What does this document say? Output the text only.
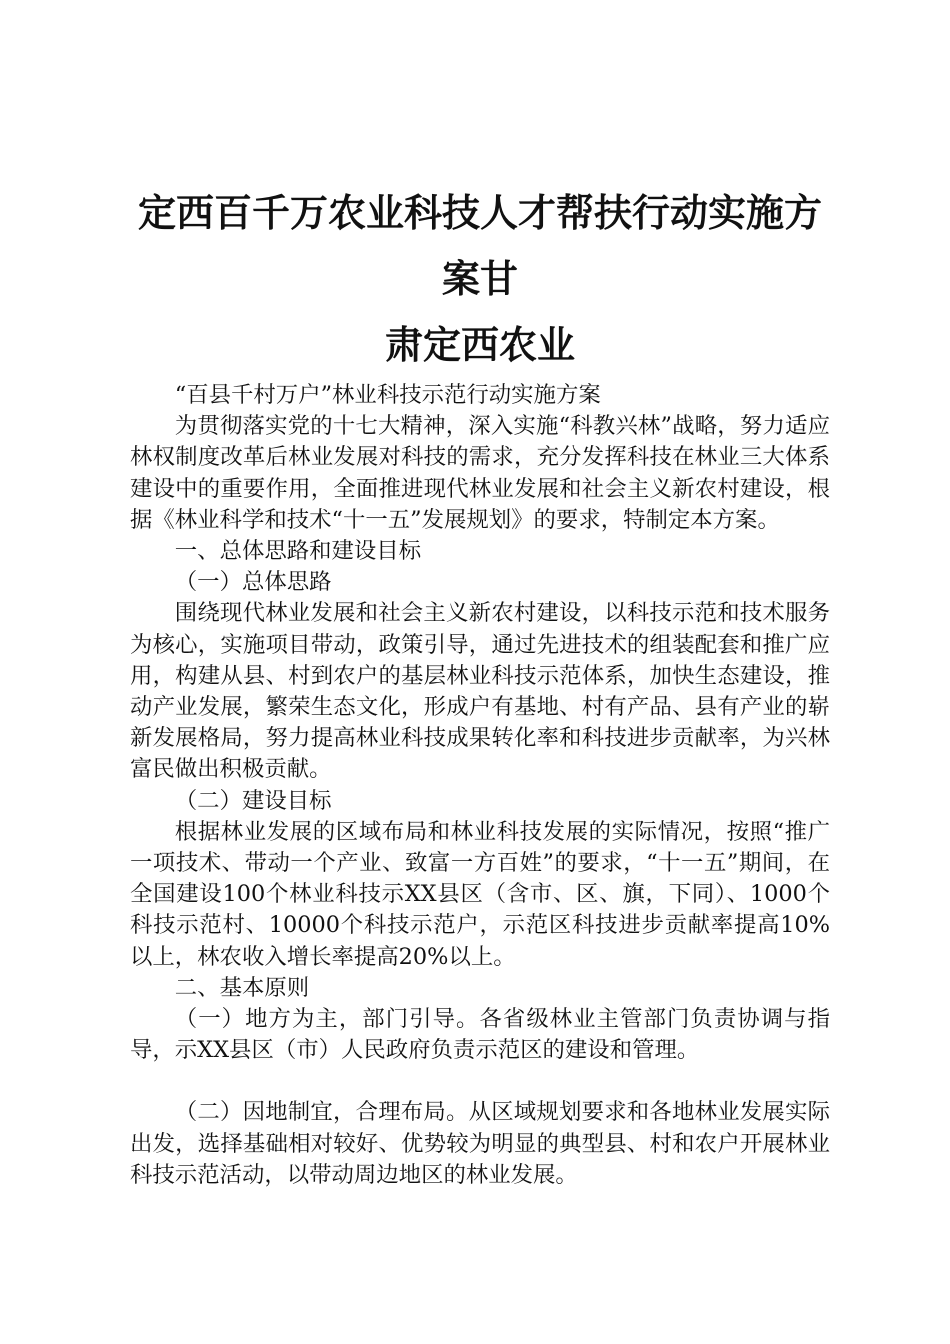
定西百千万农业科技人才帮扶行动实施方案甘
肃定西农业

“百县千村万户”林业科技示范行动实施方案

为贯彻落实党的十七大精神，深入实施“科教兴林”战略，努力适应林权制度改革后林业发展对科技的需求，充分发挥科技在林业三大体系建设中的重要作用，全面推进现代林业发展和社会主义新农村建设，根据《林业科学和技术“十一五”发展规划》的要求，特制定本方案。

一、总体思路和建设目标

（一）总体思路

围绕现代林业发展和社会主义新农村建设，以科技示范和技术服务为核心，实施项目带动，政策引导，通过先进技术的组装配套和推广应用，构建从县、村到农户的基层林业科技示范体系，加快生态建设，推动产业发展，繁荣生态文化，形成户有基地、村有产品、县有产业的崭新发展格局，努力提高林业科技成果转化率和科技进步贡献率，为兴林富民做出积极贡献。

（二）建设目标

根据林业发展的区域布局和林业科技发展的实际情况，按照“推广一项技术、带动一个产业、致富一方百姓”的要求，“十一五”期间，在全国建设100个林业科技示XX县区（含市、区、旗，下同）、1000个科技示范村、10000个科技示范户，示范区科技进步贡献率提高10%以上，林农收入增长率提高20%以上。

二、基本原则

（一）地方为主，部门引导。各省级林业主管部门负责协调与指导，示XX县区（市）人民政府负责示范区的建设和管理。

（二）因地制宜，合理布局。从区域规划要求和各地林业发展实际出发，选择基础相对较好、优势较为明显的典型县、村和农户开展林业科技示范活动，以带动周边地区的林业发展。
